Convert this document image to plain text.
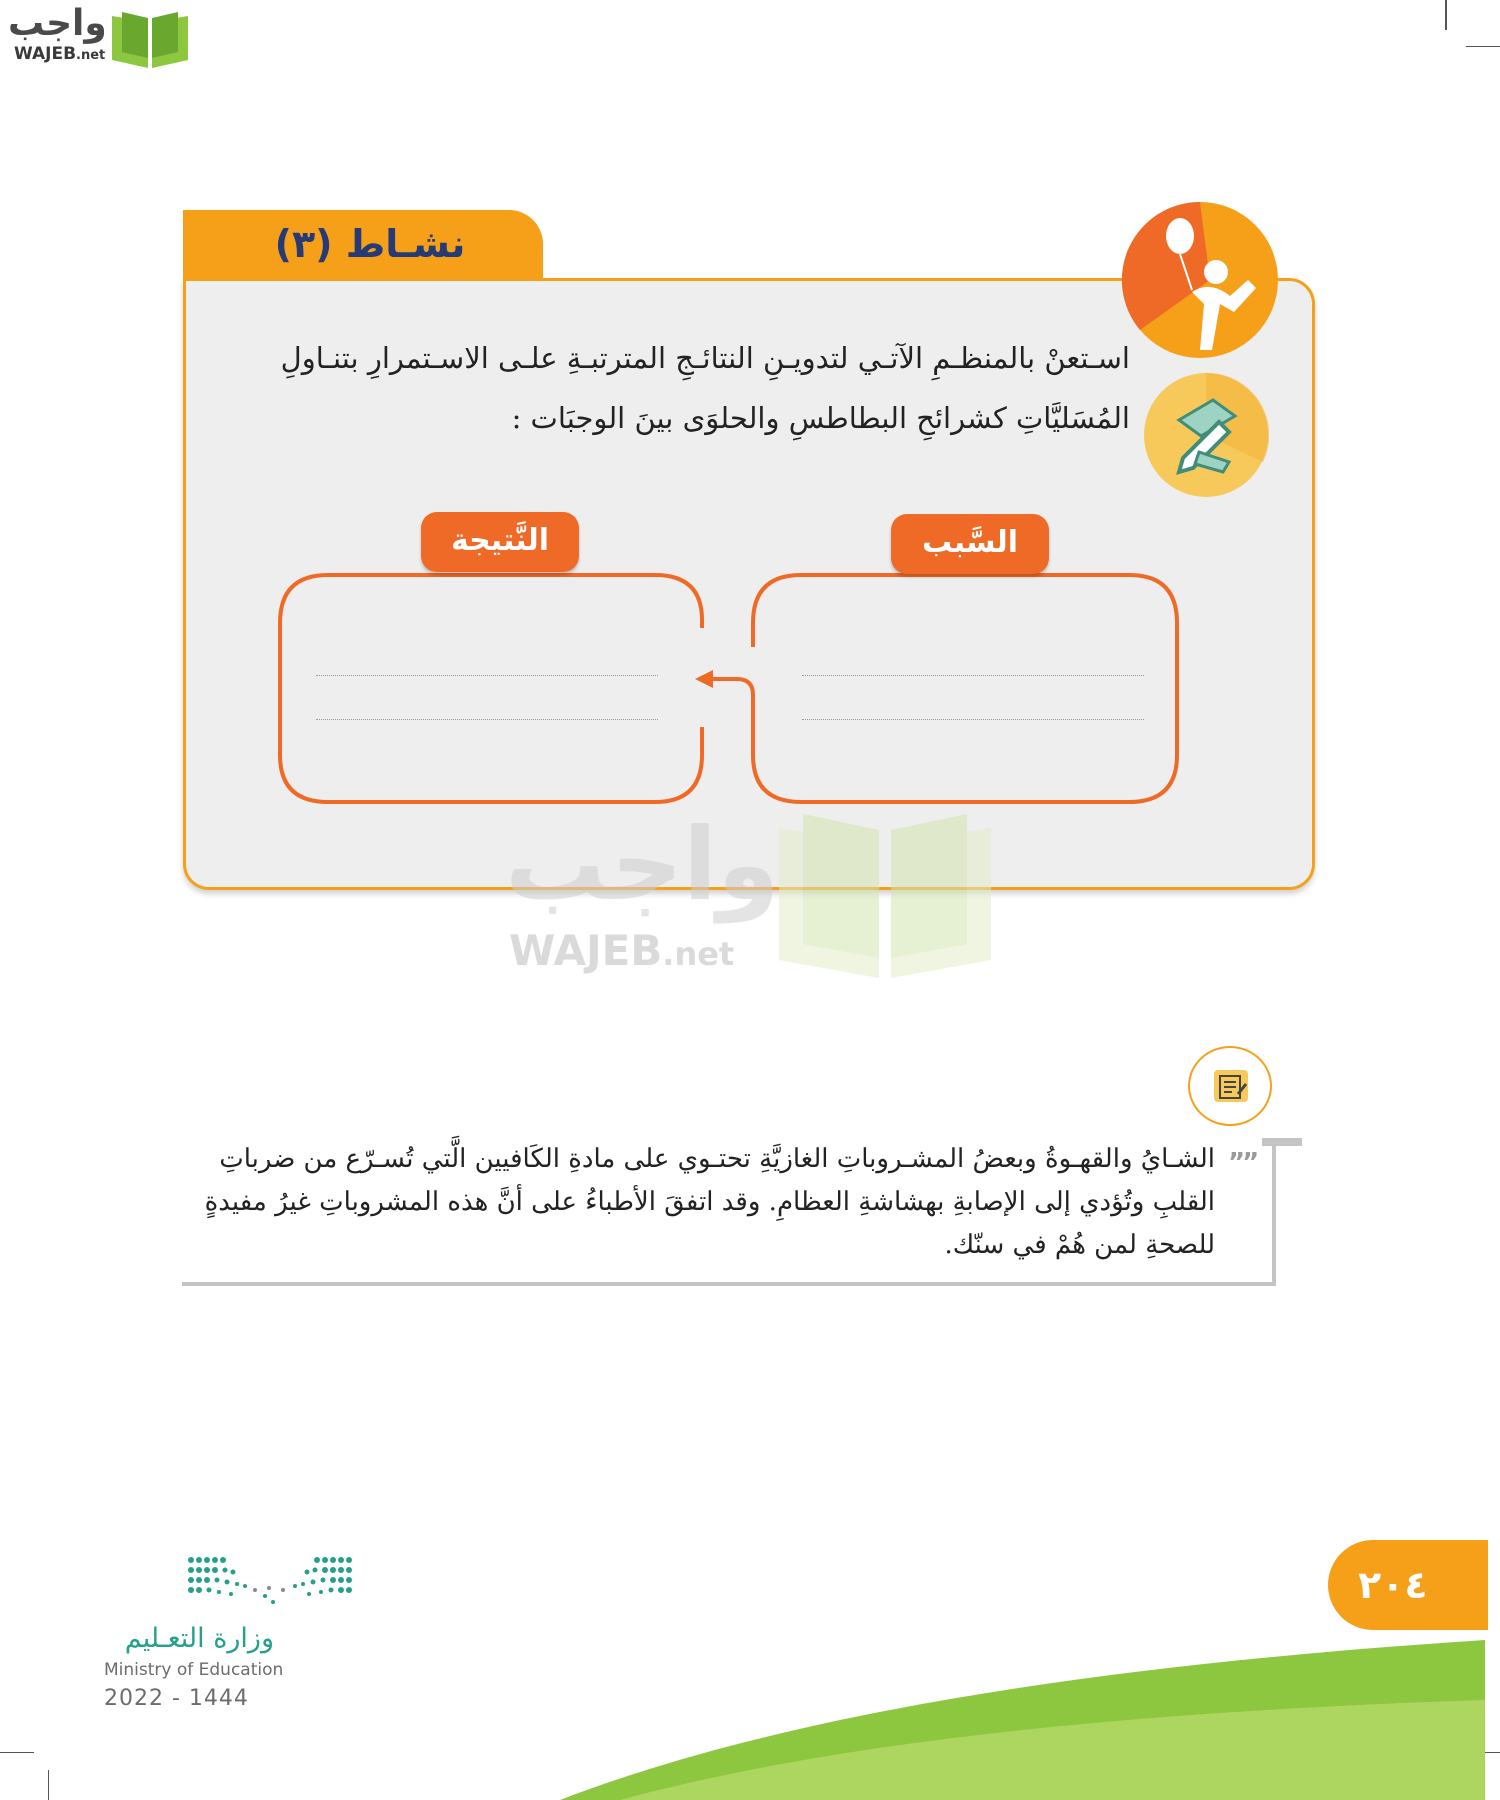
واجب
WAJEB.net
نشـاط (٣)
اسـتعنْ بالمنظـمِ الآتـي لتدويـنِ النتائـجِ المترتبـةِ علـى الاسـتمرارِ بتنـاولِ
المُسَليَّاتِ كشرائحِ البطاطسِ والحلوَى بينَ الوجبَات :
السَّبب
النَّتيجة
واجب
WAJEB.net
””
الشـايُ والقهـوةُ وبعضُ المشـروباتِ الغازيَّةِ تحتـوي على مادةِ الكَافيين الَّتي تُسـرّع من ضرباتِ
القلبِ وتُؤدي إلى الإصابةِ بهشاشةِ العظامِ. وقد اتفقَ الأطباءُ على أنَّ هذه المشروباتِ غيرُ مفيدةٍ
للصحةِ لمن هُمْ في سنّك.
٢٠٤
وزارة التعـليم
Ministry of Education
2022 - 1444
